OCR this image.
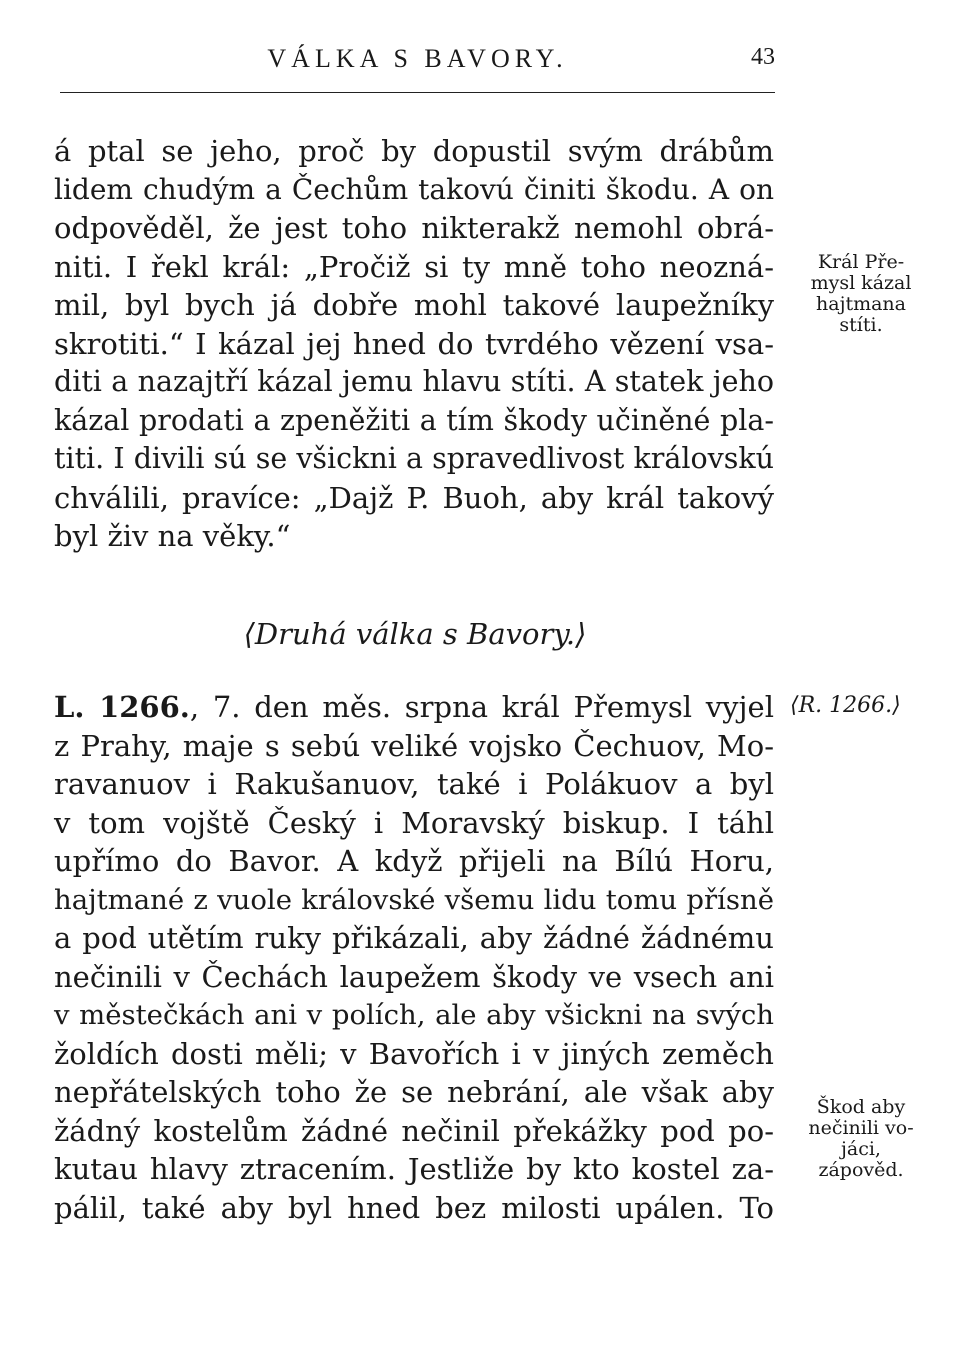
VÁLKA S BAVORY.	43
á ptal se jeho, proč by dopustil svým drábům
lidem chudým a Čechům takovú činiti škodu. A on
odpověděl, že jest toho nikterakž nemohl obrá-
niti. I řekl král: „Pročiž si ty mně toho neozná-
mil, byl bych já dobře mohl takové laupežníky
skrotiti.“ I kázal jej hned do tvrdého vězení vsa-
diti a nazajtří kázal jemu hlavu stíti. A statek jeho
kázal prodati a zpeněžiti a tím škody učiněné pla-
titi. I divili sú se všickni a spravedlivost královskú
chválili, pravíce: „Dajž P. Buoh, aby král takový
byl živ na věky.“
⟨Druhá válka s Bavory.⟩
L. 1266., 7. den měs. srpna král Přemysl vyjel
z Prahy, maje s sebú veliké vojsko Čechuov, Mo-
ravanuov i Rakušanuov, také i Polákuov a byl
v tom vojště Český i Moravský biskup. I táhl
upřímo do Bavor. A když přijeli na Bílú Horu,
hajtmané z vuole královské všemu lidu tomu přísně
a pod utětím ruky přikázali, aby žádné žádnému
nečinili v Čechách laupežem škody ve vsech ani
v městečkách ani v polích, ale aby všickni na svých
žoldích dosti měli; v Bavořích i v jiných zeměch
nepřátelských toho že se nebrání, ale však aby
žádný kostelům žádné nečinil překážky pod po-
kutau hlavy ztracením. Jestliže by kto kostel za-
pálil, také aby byl hned bez milosti upálen. To
Král Pře-
mysl kázal
hajtmana
stíti.
⟨R. 1266.⟩
Škod aby
nečinili vo-
jáci,
zápověd.
